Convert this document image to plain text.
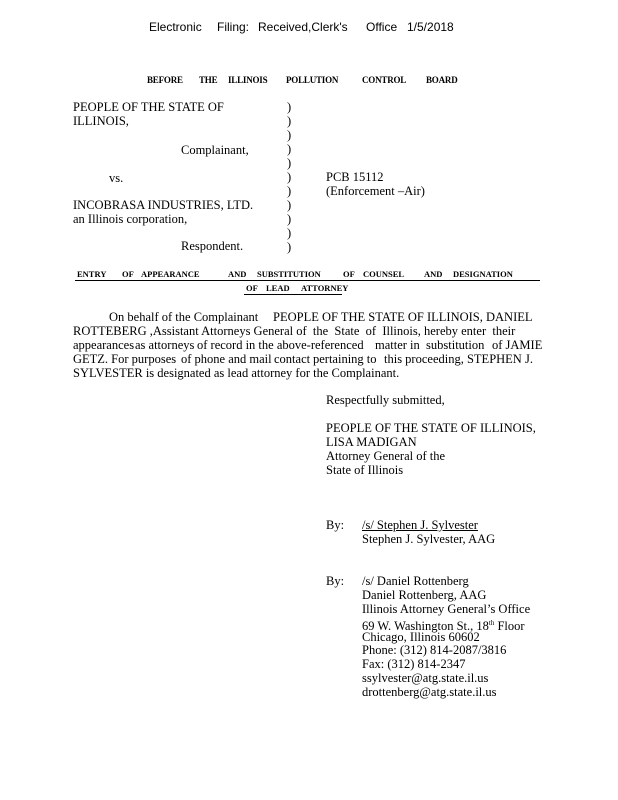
Electronic Filing: Received,Clerk's Office 1/5/2018
BEFORE THE ILLINOIS POLLUTION	CONTROL BOARD
PEOPLE OF THE STATE OF
ILLINOIS,
Complainant,
vs.
INCOBRASA INDUSTRIES, LTD.
an Illinois corporation,
Respondent.
)
)
)
)
)
)
)
)
)
)
)
PCB 15112
(Enforcement –Air)
ENTRY OF APPEARANCE	AND SUBSTITUTION	OF COUNSEL AND DESIGNATION
OF LEAD ATTORNEY
On behalf of the Complainant PEOPLE OF THE STATE OF ILLINOIS, DANIEL
ROTTEBERG ,Assistant Attorneys General of  the  State  of  Illinois, hereby enter  their
appearances as attorneys of record in the above-referenced matter in  substitution of JAMIE
GETZ. For purposes of phone and mail contact pertaining to this proceeding, STEPHEN J.
SYLVESTER is designated as lead attorney for the Complainant.
Respectfully submitted,
PEOPLE OF THE STATE OF ILLINOIS,
LISA MADIGAN
Attorney General of the
State of Illinois
By: /s/ Stephen J. Sylvester
Stephen J. Sylvester, AAG
By: /s/ Daniel Rottenberg
Daniel Rottenberg, AAG
Illinois Attorney General’s Office
69 W. Washington St., 18th Floor
Chicago, Illinois 60602
Phone: (312) 814-2087/3816
Fax: (312) 814-2347
ssylvester@atg.state.il.us
drottenberg@atg.state.il.us
